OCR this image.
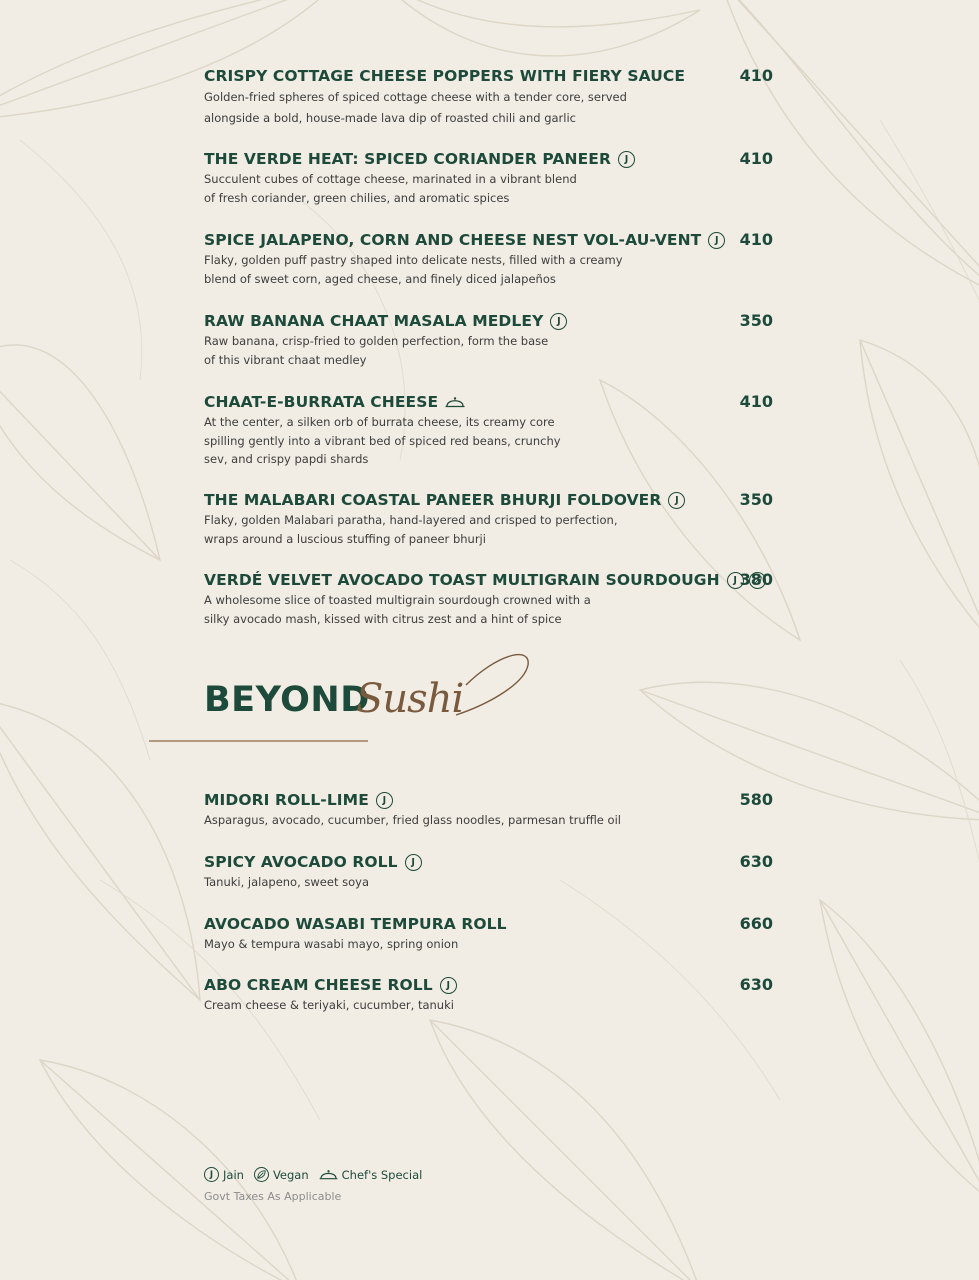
CRISPY COTTAGE CHEESE POPPERS WITH FIERY SAUCE	410
Golden-fried spheres of spiced cottage cheese with a tender core, served
alongside a bold, house-made lava dip of roasted chili and garlic
THE VERDE HEAT: SPICED CORIANDER PANEER	J	410
Succulent cubes of cottage cheese, marinated in a vibrant blend
of fresh coriander, green chilies, and aromatic spices
SPICE JALAPENO, CORN AND CHEESE NEST VOL-AU-VENT	J	410
Flaky, golden puff pastry shaped into delicate nests, filled with a creamy
blend of sweet corn, aged cheese, and finely diced jalapeños
RAW BANANA CHAAT MASALA MEDLEY	J	350
Raw banana, crisp-fried to golden perfection, form the base
of this vibrant chaat medley
CHAAT-E-BURRATA CHEESE	410
At the center, a silken orb of burrata cheese, its creamy core
spilling gently into a vibrant bed of spiced red beans, crunchy
sev, and crispy papdi shards
THE MALABARI COASTAL PANEER BHURJI FOLDOVER	J	350
Flaky, golden Malabari paratha, hand-layered and crisped to perfection,
wraps around a luscious stuffing of paneer bhurji
VERDÉ VELVET AVOCADO TOAST MULTIGRAIN SOURDOUGH	J 380
A wholesome slice of toasted multigrain sourdough crowned with a
silky avocado mash, kissed with citrus zest and a hint of spice
BEYOND
Sushi
MIDORI ROLL-LIME	J	580
Asparagus, avocado, cucumber, fried glass noodles, parmesan truffle oil
SPICY AVOCADO ROLL	J	630
Tanuki, jalapeno, sweet soya
AVOCADO WASABI TEMPURA ROLL	660
Mayo & tempura wasabi mayo, spring onion
ABO CREAM CHEESE ROLL	J	630
Cream cheese & teriyaki, cucumber, tanuki
J Jain	Vegan	Chef's Special
Govt Taxes As Applicable
